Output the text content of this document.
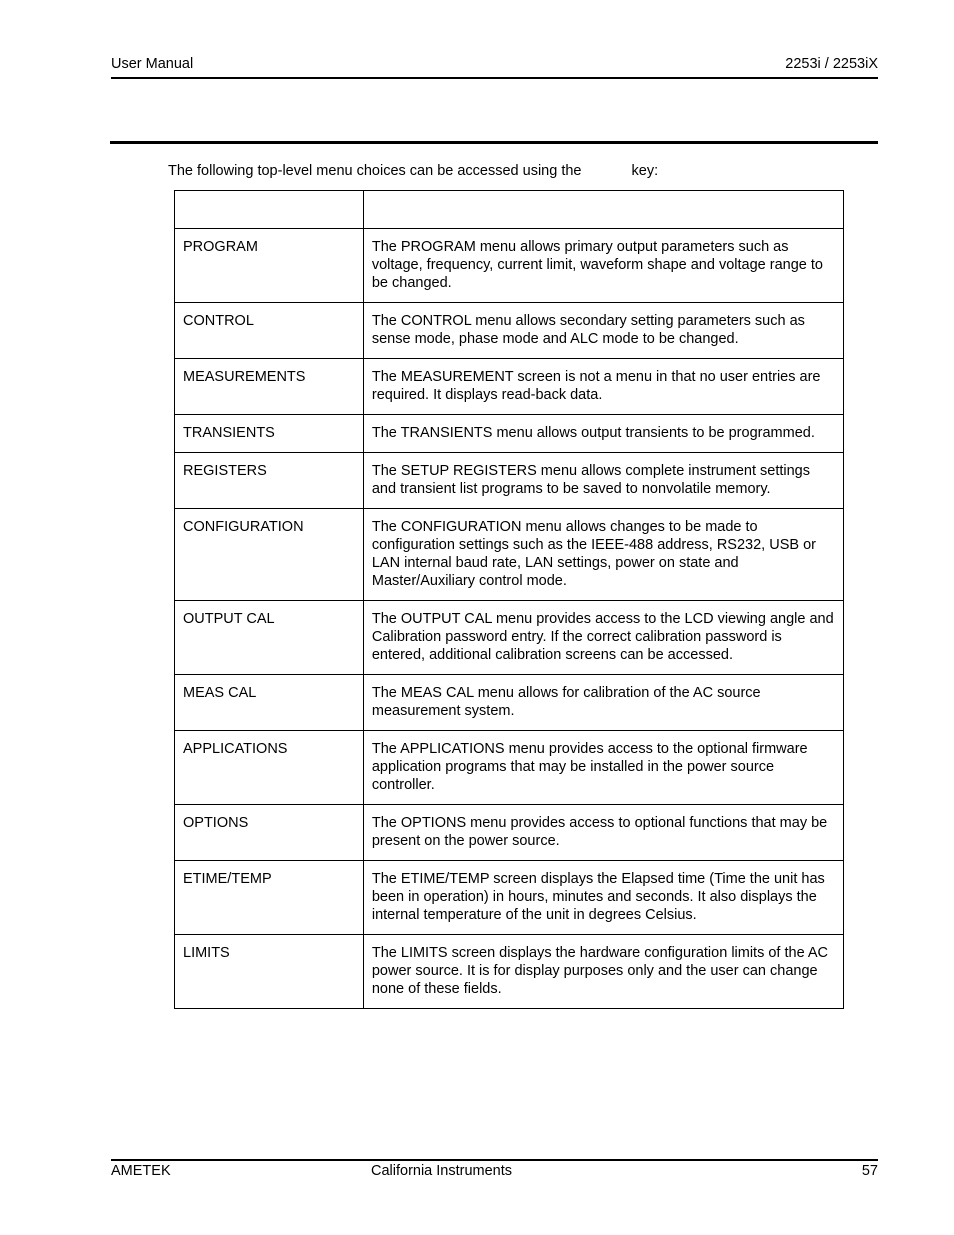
User Manual	2253i / 2253iX
The following top-level menu choices can be accessed using the	key:

PROGRAM	The PROGRAM menu allows primary output parameters such as voltage, frequency, current limit, waveform shape and voltage range to be changed.
CONTROL	The CONTROL menu allows secondary setting parameters such as sense mode, phase mode and ALC mode to be changed.
MEASUREMENTS	The MEASUREMENT screen is not a menu in that no user entries are required. It displays read-back data.
TRANSIENTS	The TRANSIENTS menu allows output transients to be programmed.
REGISTERS	The SETUP REGISTERS menu allows complete instrument settings and transient list programs to be saved to nonvolatile memory.
CONFIGURATION	The CONFIGURATION menu allows changes to be made to configuration settings such as the IEEE-488 address, RS232, USB or LAN internal baud rate, LAN settings, power on state and Master/Auxiliary control mode.
OUTPUT CAL	The OUTPUT CAL menu provides access to the LCD viewing angle and Calibration password entry. If the correct calibration password is entered, additional calibration screens can be accessed.
MEAS CAL	The MEAS CAL menu allows for calibration of the AC source measurement system.
APPLICATIONS	The APPLICATIONS menu provides access to the optional firmware application programs that may be installed in the power source controller.
OPTIONS	The OPTIONS menu provides access to optional functions that may be present on the power source.
ETIME/TEMP	The ETIME/TEMP screen displays the Elapsed time (Time the unit has been in operation) in hours, minutes and seconds. It also displays the internal temperature of the unit in degrees Celsius.
LIMITS	The LIMITS screen displays the hardware configuration limits of the AC power source. It is for display purposes only and the user can change none of these fields.
AMETEK	California Instruments	57
